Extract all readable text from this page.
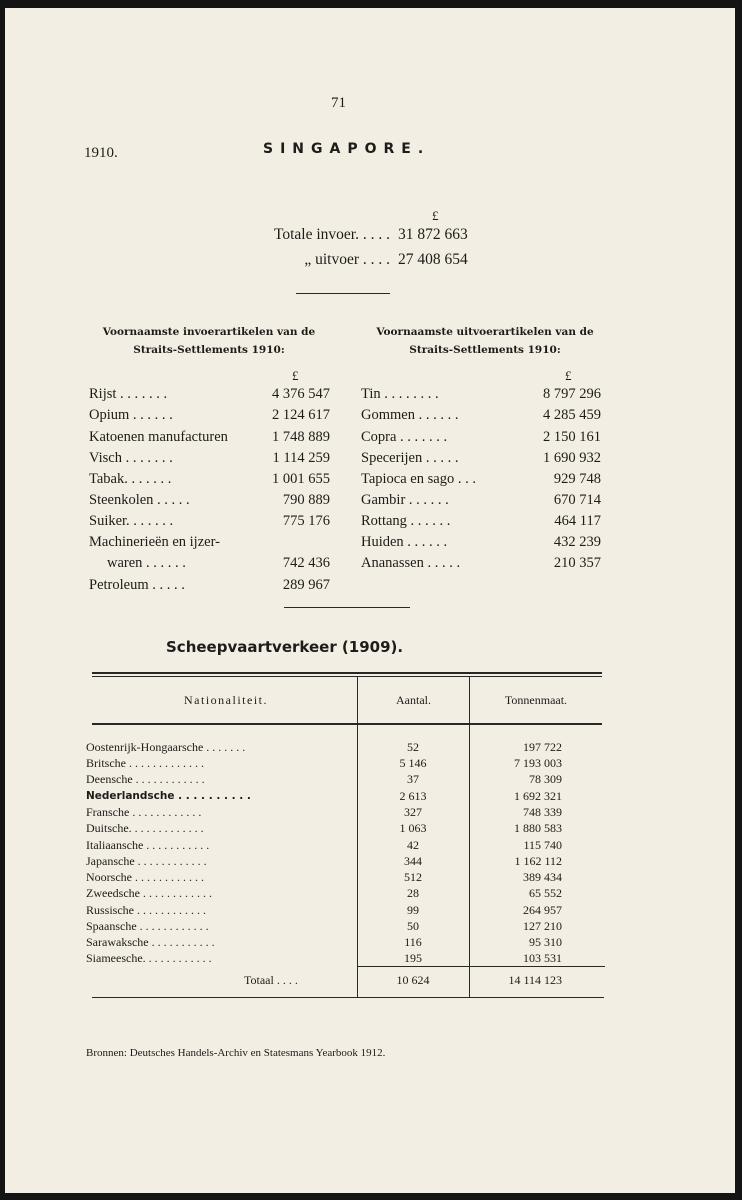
71
1910.	SINGAPORE.
£
Totale invoer. . . . . 31 872 663
„ uitvoer . . . . 27 408 654
Voornaamste invoerartikelen van de Straits-Settlements 1910:
£
Rijst . . . . . . .	4 376 547
Opium . . . . . .	2 124 617
Katoenen manufacturen	1 748 889
Visch . . . . . . .	1 114 259
Tabak. . . . . . .	1 001 655
Steenkolen . . . . .	790 889
Suiker. . . . . . .	775 176
Machinerieën en ijzer-
waren . . . . . .	742 436
Petroleum . . . . .	289 967
Voornaamste uitvoerartikelen van de Straits-Settlements 1910:
£
Tin . . . . . . . .	8 797 296
Gommen . . . . . .	4 285 459
Copra . . . . . . .	2 150 161
Specerijen . . . . .	1 690 932
Tapioca en sago . . .	929 748
Gambir . . . . . .	670 714
Rottang . . . . . .	464 117
Huiden . . . . . .	432 239
Ananassen . . . . .	210 357
Scheepvaartverkeer (1909).
Nationaliteit.	Aantal.	Tonnenmaat.
Oostenrijk-Hongaarsche . . . . . . .	52	197 722
Britsche . . . . . . . . . . . . .	5 146	7 193 003
Deensche . . . . . . . . . . . .	37	78 309
Nederlandsche . . . . . . . . . .	2 613	1 692 321
Fransche . . . . . . . . . . . .	327	748 339
Duitsche. . . . . . . . . . . . .	1 063	1 880 583
Italiaansche . . . . . . . . . . .	42	115 740
Japansche . . . . . . . . . . . .	344	1 162 112
Noorsche . . . . . . . . . . . .	512	389 434
Zweedsche . . . . . . . . . . . .	28	65 552
Russische . . . . . . . . . . . .	99	264 957
Spaansche . . . . . . . . . . . .	50	127 210
Sarawaksche . . . . . . . . . . .	116	95 310
Siameesche. . . . . . . . . . . .	195	103 531
Totaal . . . .	10 624	14 114 123
Bronnen: Deutsches Handels-Archiv en Statesmans Yearbook 1912.
